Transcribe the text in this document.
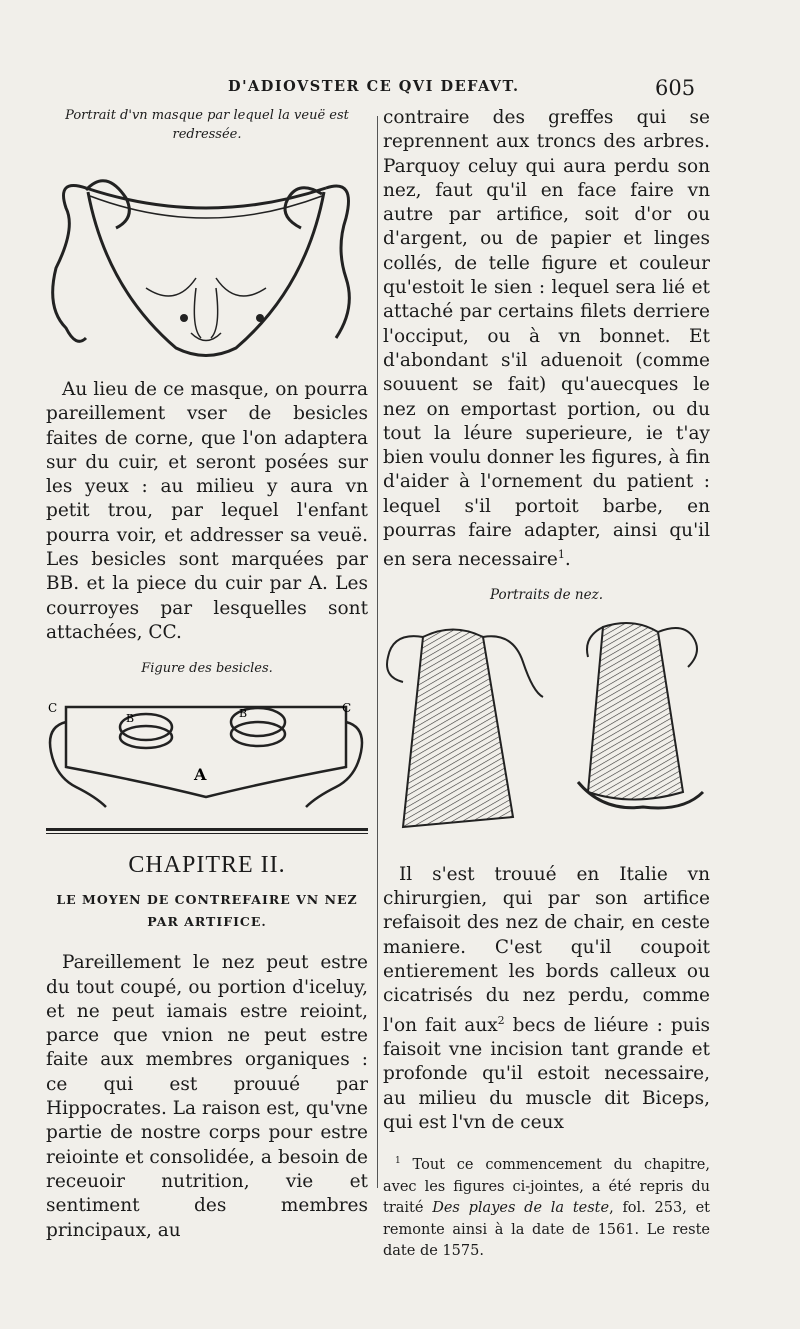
D'ADIOVSTER CE QVI DEFAVT.	605
Portrait d'vn masque par lequel la veuë est
redressée.

Au lieu de ce masque, on pourra pareillement vser de besicles faites de corne, que l'on adaptera sur du cuir, et seront posées sur les yeux : au milieu y aura vn petit trou, par lequel l'enfant pourra voir, et addresser sa veuë. Les besicles sont marquées par BB. et la piece du cuir par A. Les courroyes par lesquelles sont attachées, CC.

Figure des besicles.
B	B
C	C
A
CHAPITRE II.

LE MOYEN DE CONTREFAIRE VN NEZ

PAR ARTIFICE.

Pareillement le nez peut estre du tout coupé, ou portion d'iceluy, et ne peut iamais estre reioint, parce que vnion ne peut estre faite aux membres organiques : ce qui est prouué par Hippocrates. La raison est, qu'vne partie de nostre corps pour estre reiointe et consolidée, a besoin de receuoir nutrition, vie et sentiment des membres principaux, au

contraire des greffes qui se reprennent aux troncs des arbres. Parquoy celuy qui aura perdu son nez, faut qu'il en face faire vn autre par artifice, soit d'or ou d'argent, ou de papier et linges collés, de telle figure et couleur qu'estoit le sien : lequel sera lié et attaché par certains filets derriere l'occiput, ou à vn bonnet. Et d'abondant s'il aduenoit (comme souuent se fait) qu'auecques le nez on emportast portion, ou du tout la léure superieure, ie t'ay bien voulu donner les figures, à fin d'aider à l'ornement du patient : lequel s'il portoit barbe, en pourras faire adapter, ainsi qu'il en sera necessaire$^1$.

Portraits de nez.

Il s'est trouué en Italie vn chirurgien, qui par son artifice refaisoit des nez de chair, en ceste maniere. C'est qu'il coupoit entierement les bords calleux ou cicatrisés du nez perdu, comme l'on fait aux$^2$ becs de liéure : puis faisoit vne incision tant grande et profonde qu'il estoit necessaire, au milieu du muscle dit Biceps, qui est l'vn de ceux

$^1$ Tout ce commencement du chapitre, avec les figures ci-jointes, a été repris du traité Des playes de la teste, fol. 253, et remonte ainsi à la date de 1561. Le reste date de 1575.
